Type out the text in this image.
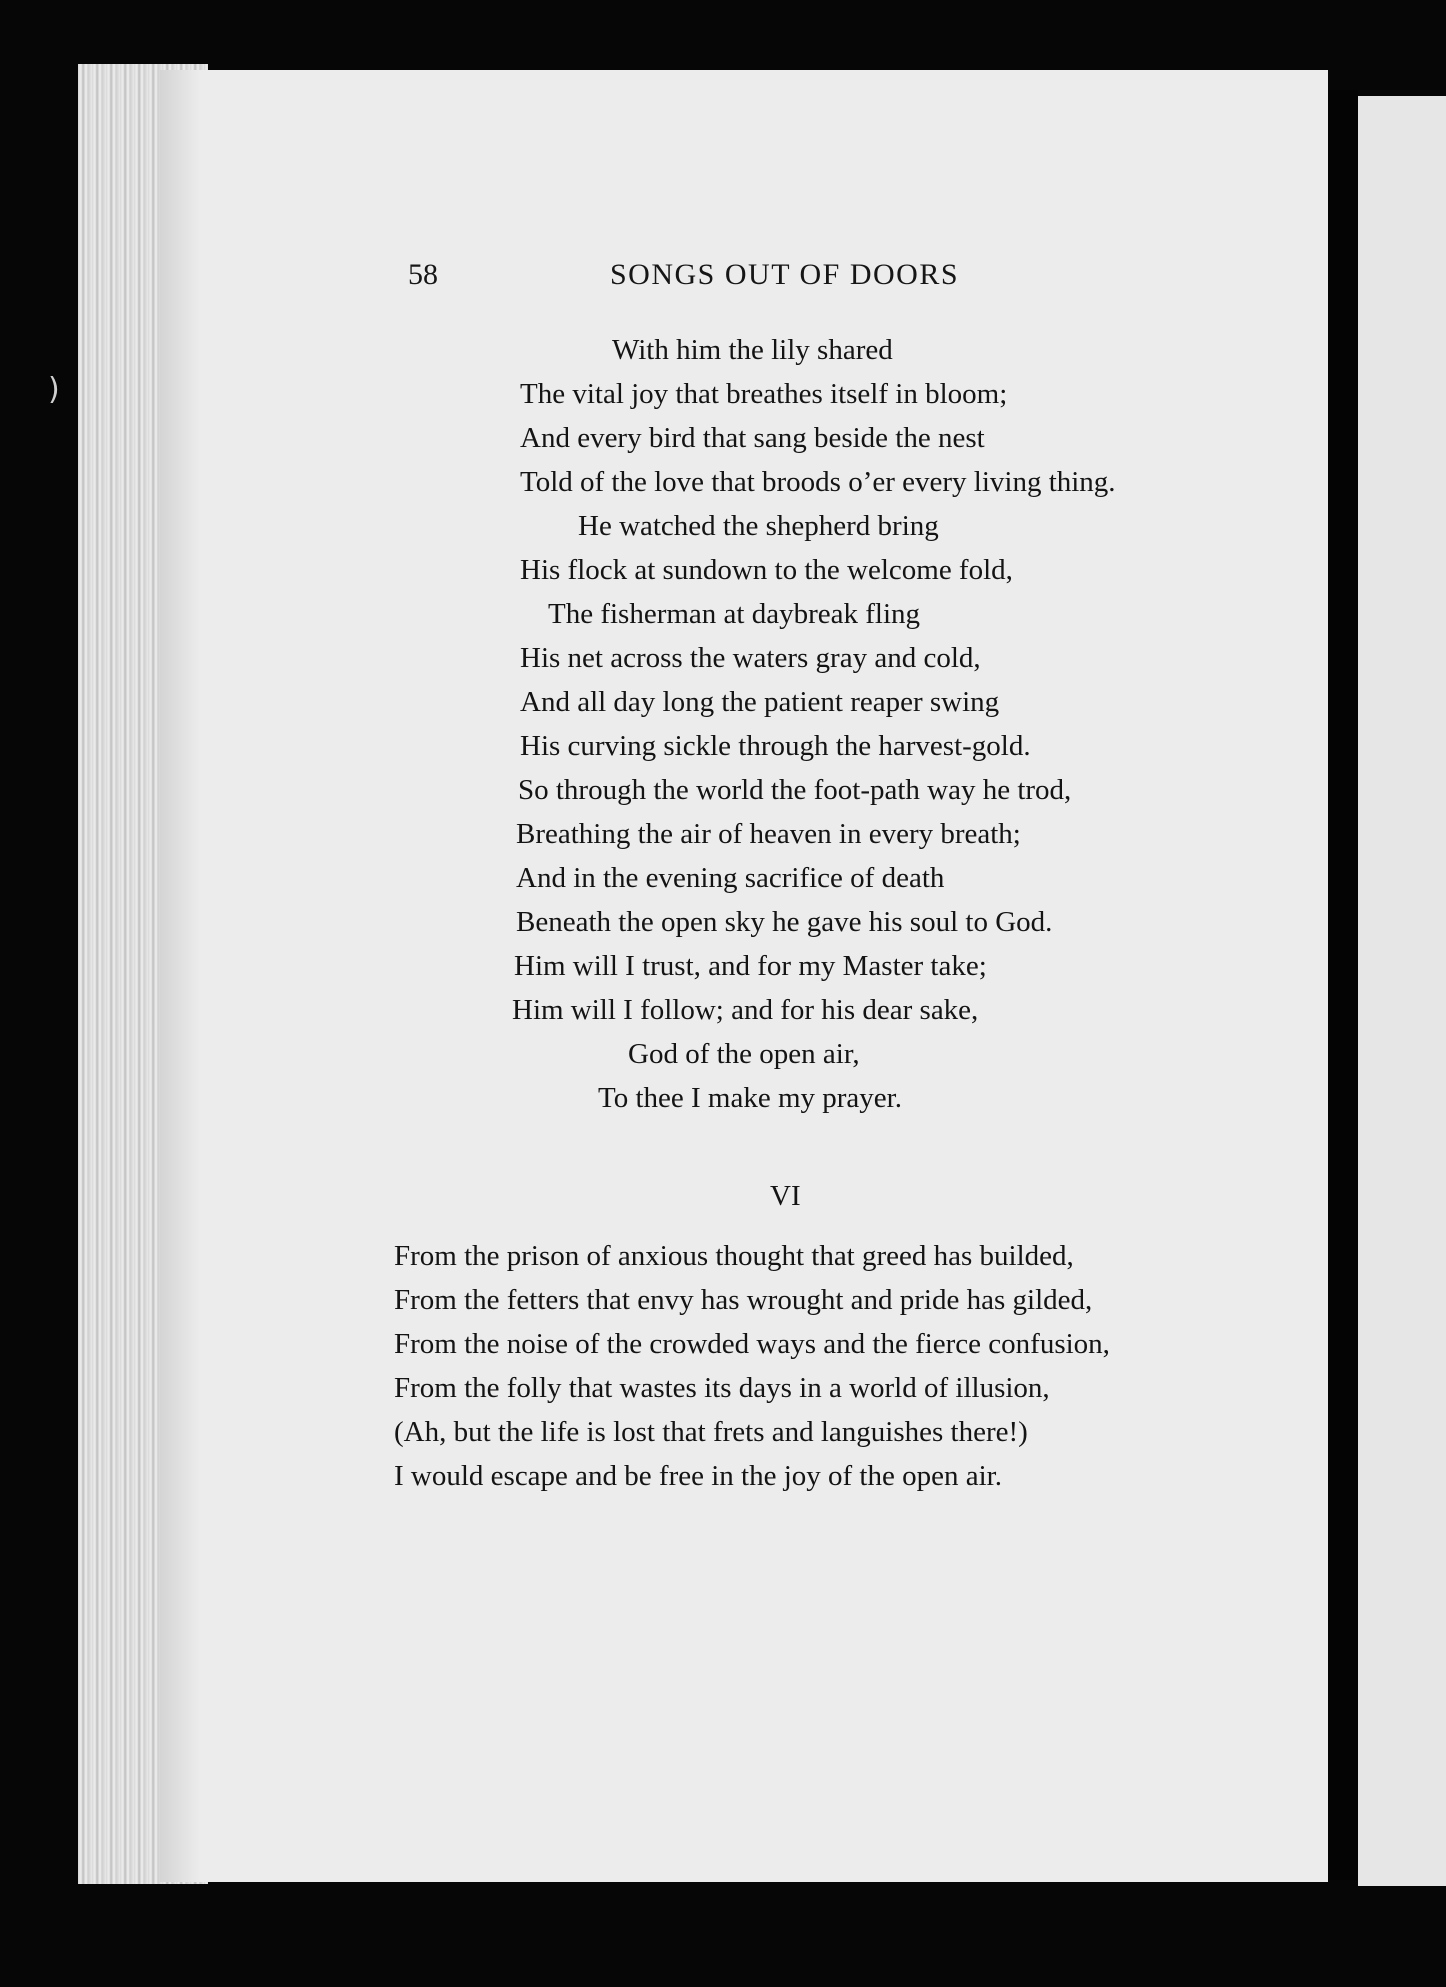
)
58	SONGS OUT OF DOORS
With him the lily shared
The vital joy that breathes itself in bloom;
And every bird that sang beside the nest
Told of the love that broods o’er every living thing.
He watched the shepherd bring
His flock at sundown to the welcome fold,
The fisherman at daybreak fling
His net across the waters gray and cold,
And all day long the patient reaper swing
His curving sickle through the harvest-gold.
So through the world the foot-path way he trod,
Breathing the air of heaven in every breath;
And in the evening sacrifice of death
Beneath the open sky he gave his soul to God.
Him will I trust, and for my Master take;
Him will I follow; and for his dear sake,
God of the open air,
To thee I make my prayer.
VI
From the prison of anxious thought that greed has builded,
From the fetters that envy has wrought and pride has gilded,
From the noise of the crowded ways and the fierce confusion,
From the folly that wastes its days in a world of illusion,
(Ah, but the life is lost that frets and languishes there!)
I would escape and be free in the joy of the open air.
